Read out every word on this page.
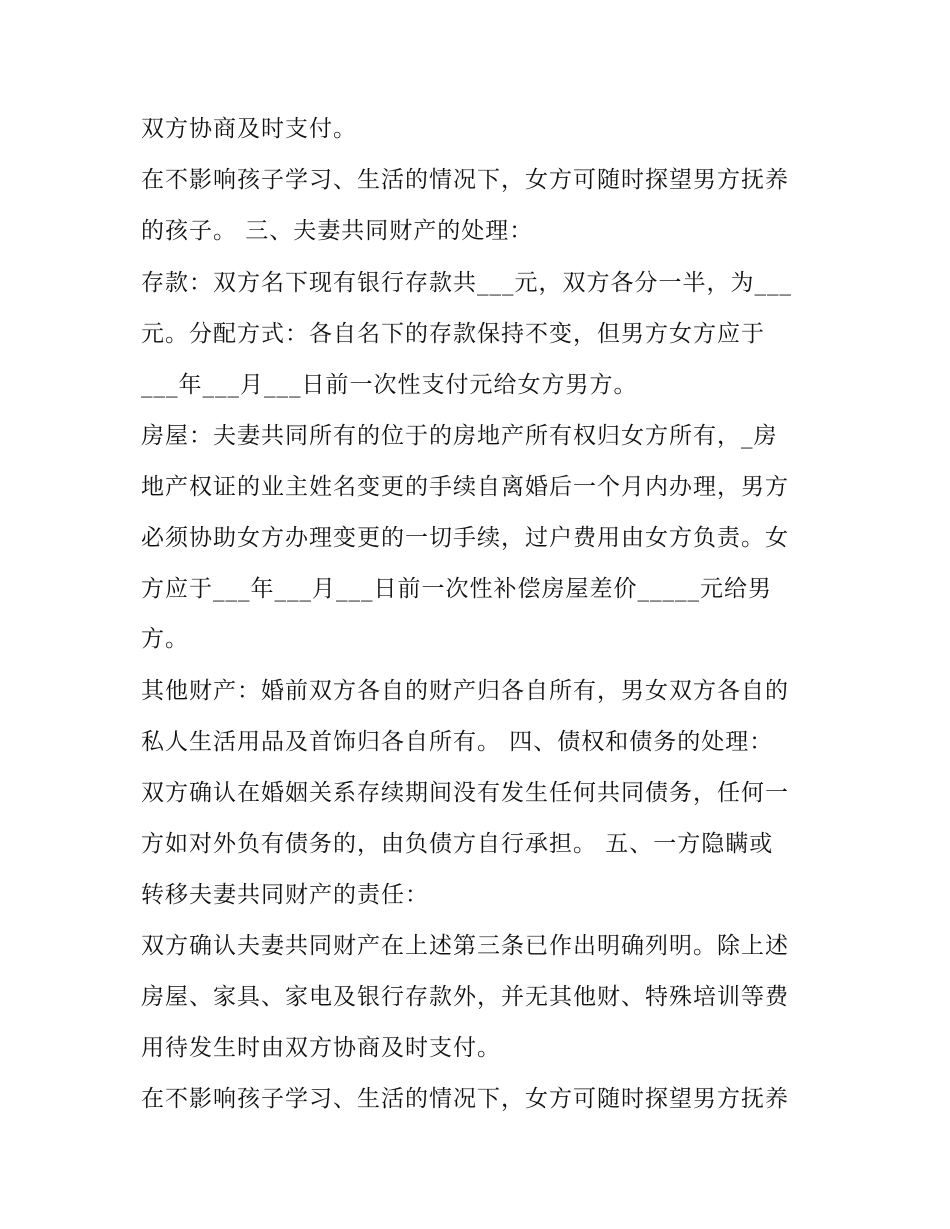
双方协商及时支付。
在不影响孩子学习、生活的情况下，女方可随时探望男方抚养
的孩子。 三、夫妻共同财产的处理：
存款：双方名下现有银行存款共___元，双方各分一半，为___
元。分配方式：各自名下的存款保持不变，但男方女方应于
___年___月___日前一次性支付元给女方男方。
房屋：夫妻共同所有的位于的房地产所有权归女方所有，_房
地产权证的业主姓名变更的手续自离婚后一个月内办理，男方
必须协助女方办理变更的一切手续，过户费用由女方负责。女
方应于___年___月___日前一次性补偿房屋差价_____元给男
方。
其他财产：婚前双方各自的财产归各自所有，男女双方各自的
私人生活用品及首饰归各自所有。 四、债权和债务的处理：
双方确认在婚姻关系存续期间没有发生任何共同债务，任何一
方如对外负有债务的，由负债方自行承担。 五、一方隐瞒或
转移夫妻共同财产的责任：
双方确认夫妻共同财产在上述第三条已作出明确列明。除上述
房屋、家具、家电及银行存款外，并无其他财、特殊培训等费
用待发生时由双方协商及时支付。
在不影响孩子学习、生活的情况下，女方可随时探望男方抚养
